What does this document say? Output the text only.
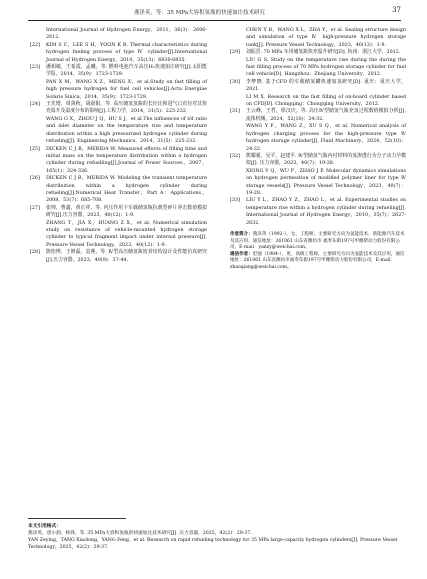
燕泽英，等：35 MPa大容积氢瓶的快速加注技术研究	37
International Journal of Hydrogen Energy，2011，36(3)：2606-2612.
[22] KIM S C，LEE S H，YOON K B. Thermal characteristics during hydrogen fueling process of type Ⅳ cylinder[J].International Journal of Hydrogen Energy，2010，35(13)：6830-6835.
[23] 潘相敏，王希霞，孟曦，等. 燃料电池汽车高压H₂快速加注研究[J].太阳能学报，2014，35(9)：1723-1729.
PAN X M，WANG X Z，MENG X，et al.Study on fast filling of high pressure hydrogen for fuel cell vehicles[J].Acta Energiae Solaris Sinica，2014，35(9)：1723-1729.
[24] 王先增，周剑秋，胡淑娟，等. 高压储氢氢瓶的长径比和进气口直径对其快充温升及温度分布的影响[J].工程力学，2014，31(5)：225-232
WANG G X，ZHOU J Q，HU S J，et al.The influences of l/d ratio and inlet diameter on the temperature rise and temperature distribution within a high pressurized hydrogen cylinder during refueling[J]. Engineering Mechanics，2014，31(5)：225-232.
[25] DICKEN C J B，MERIDA W. Measured effects of filling time and initial mass on the temperature distribution within a hydrogen cylinder during refuelling[J].Journal of Power Sources，2007，165(1)：324-336.
[26] DICKEN C J B，MERIDA W. Modeling the transient temperature distribution within a hydrogen cylinder during refueling[J].Numerical Heat Transfer，Part A：Applications，2008，53(7)：685-708.
[27] 张帅，曹鑫，黄正祥，等. 内压作用下车载储氢瓶抗典型碎片冲击数值模拟研究[J].压力容器，2023，40(12)：1-9.
ZHANG T，JIA X，HUANG Z X，et al. Numerical simulation study on resistance of vehicle-mounted hydrogen storage cylinder to typical fragment impact under internal pressure[J]. Pressure Vessel Technology，2023，40(12)：1-9.
[28] 陈怡博，王修磊，袁燕，等. Ⅳ型高压储氢瓶密封结构设计及性能仿真研究[J].压力容器，2023，40(9)：37-44.
CHEN Y B，WANG X L，ZHA Y，et al. Sealing structure design and simulation of type Ⅳ high-pressure hydrogen storage tank[J]. Pressure Vessel Technology，2023，40(12)：1-9.
[29] 刘振晋. 70 MPa 车用储氢瓶快充温升研究[D]. 杭州：浙江大学，2012.
LIU G S. Study on the temperature rise during the during the fast filling process of 70 MPa hydrogen storage cylinder for fuel cell vehicle[D]. Hangzhou：Zhejiang University，2012.
[30] 李梦晓. 基于CFD 的车载储氢罐快速加氢研究[D]. 重庆：重庆大学，2021.
LI M X. Research on the fast filling of on-board cylinder based on CFD[D]. Chongqing：Chongqing University，2012.
[31] 王云峰，王哲，徐汉庆，等. 高压Ⅳ型储氢气瓶充氢过程数值模拟分析[J]. 流体机械，2024，52(10)：24-32.
WANG Y F，WANG Z，XU S Q，et al. Numerical analysis of hydrogen charging process for the high-pressure type Ⅳ hydrogen storage cylinder[J]. Fluid Machinery，2024，52(10)：24-32.
[32] 熊耀强，吴平，赵建平. Ⅳ型储氢气瓶内衬材料的氢渗透行为分子动力学模拟[J]. 压力容器，2023，40(7)：19-28.
XIONG Y Q，WU P，ZHAO J P. Molecular dynamics simulations on hydrogen permeation of modified polymer liner for type Ⅳ storage vessels[J]. Pressure Vessel Technology，2023，40(7)：19-28.
[33] LIU Y L，ZHAO Y Z，ZHAO L，et al. Experimental studies on temperature rise within a hydrogen cylinder during refueling[J]. International Journal of Hydrogen Energy，2010，35(7)：2627-2632.

作者简介：燕泽英（1992-），女，工程师，主要研究方向为氢能技术、新能源汽车技术及其应用，通信地址：261061 山东省潍坊市 福寿东街197号甲潍柴动力股份有限公司，E-mail：yanzy@weichai.com。

通信作者：赵强（1984-），男，高级工程师，主要研究方向为氢能技术及其应用，通信地址：261061 山东省潍坊市福寿东街197号甲潍柴动力股份有限公司，E-mail：zhaoqiang@weichai.com。

本文引用格式：
燕泽英，唐小润，杨锋，等. 35 MPa大容积氢瓶的快速加注技术研究[J]. 压力容器，2025，42(2)：29-37.
YAN Zeying，TANG Xiaolong，YANG Feng，et al. Research on rapid refueling technology for 35 MPa large-capacity hydrogen cylinders[J]. Pressure Vessel Technology，2025，42(2)：29-37.
